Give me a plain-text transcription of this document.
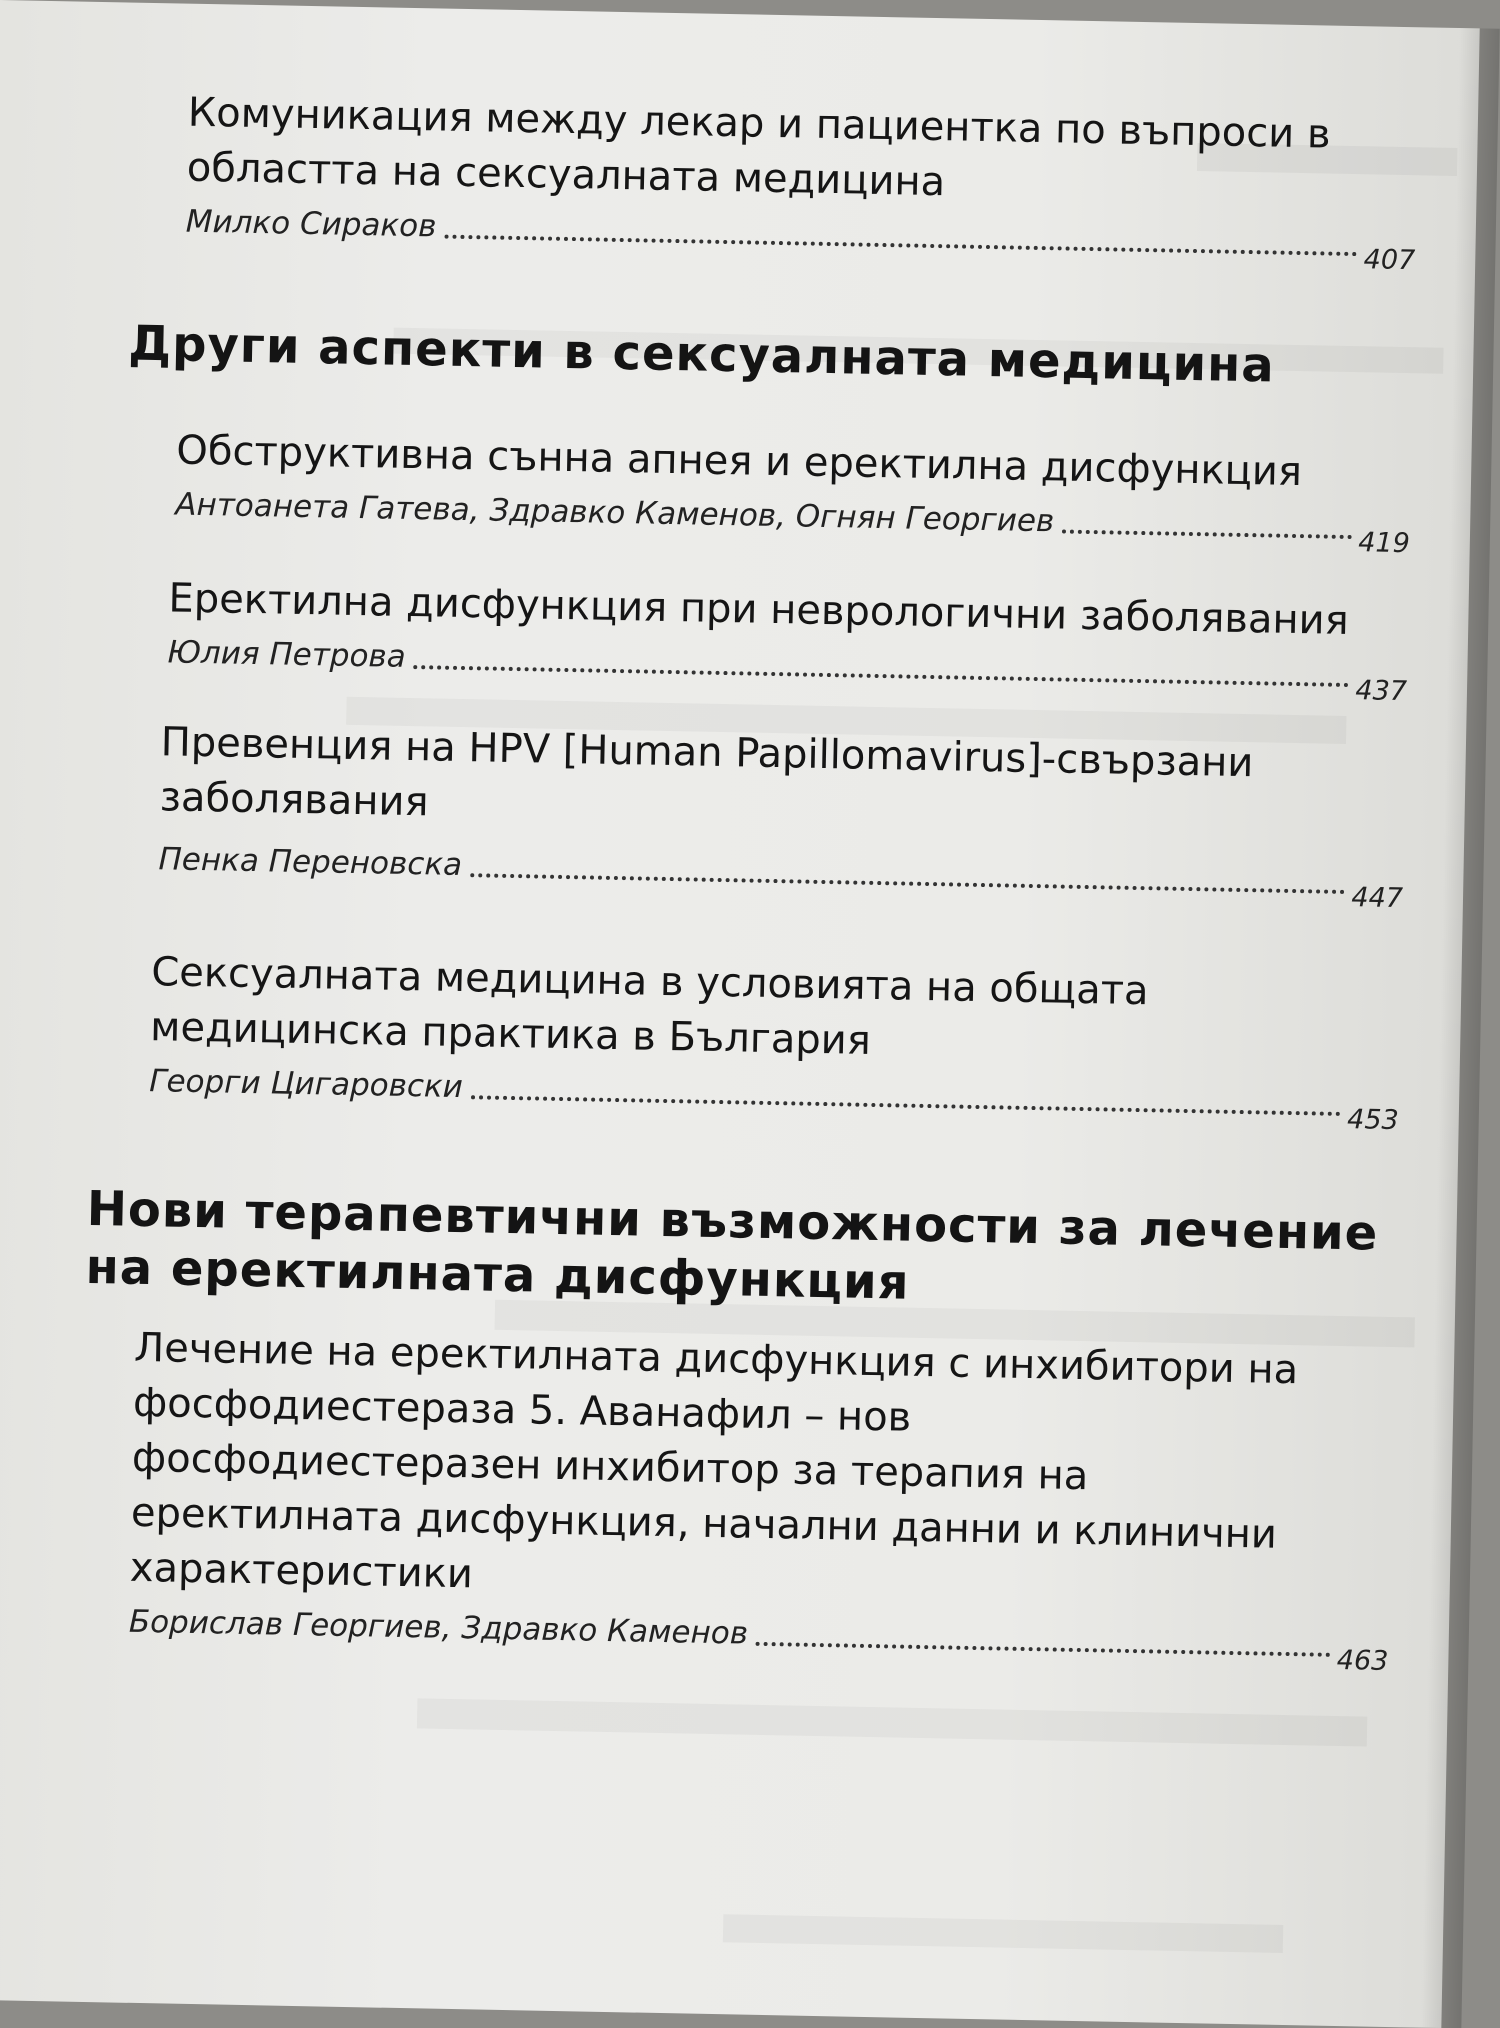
Комуникация между лекар и пациентка по въпроси в областта на сексуалната медицина

Милко Сираков
407
Други аспекти в сексуалната медицина

Обструктивна сънна апнея и еректилна дисфункция

Антоанета Гатева, Здравко Каменов, Огнян Георгиев
419

Еректилна дисфункция при неврологични заболявания

Юлия Петрова
437

Превенция на HPV [Human Papillomavirus]-свързани заболявания

Пенка Переновска
447

Сексуалната медицина в условията на общата медицинска практика в България

Георги Цигаровски
453
Нови терапевтични възможности за лечение на еректилната дисфункция

Лечение на еректилната дисфункция с инхибитори на фосфодиестераза 5. Аванафил – нов фосфодиестеразен инхибитор за терапия на еректилната дисфункция, начални данни и клинични характеристики

Борислав Георгиев, Здравко Каменов
463
